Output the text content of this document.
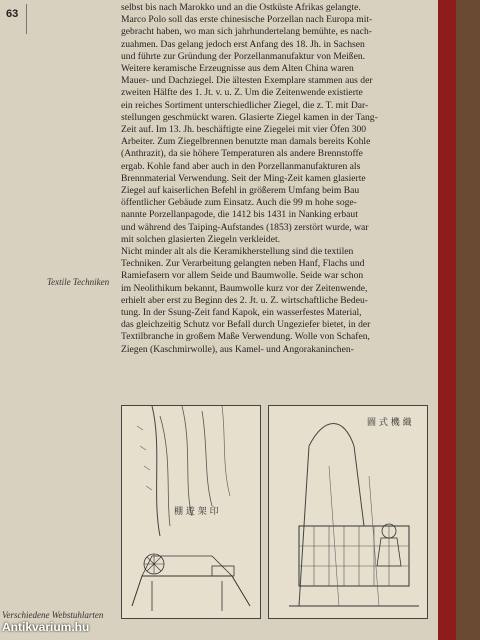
63
Textile Techniken
Verschiedene Webstuhlarten
selbst bis nach Marokko und an die Ostküste Afrikas gelangte.
Marco Polo soll das erste chinesische Porzellan nach Europa mit-
gebracht haben, wo man sich jahrhundertelang bemühte, es nach-
zuahmen. Das gelang jedoch erst Anfang des 18. Jh. in Sachsen
und führte zur Gründung der Porzellanmanufaktur von Meißen.
Weitere keramische Erzeugnisse aus dem Alten China waren
Mauer- und Dachziegel. Die ältesten Exemplare stammen aus der
zweiten Hälfte des 1. Jt. v. u. Z. Um die Zeitenwende existierte
ein reiches Sortiment unterschiedlicher Ziegel, die z. T. mit Dar-
stellungen geschmückt waren. Glasierte Ziegel kamen in der Tang-
Zeit auf. Im 13. Jh. beschäftigte eine Ziegelei mit vier Öfen 300
Arbeiter. Zum Ziegelbrennen benutzte man damals bereits Kohle
(Anthrazit), da sie höhere Temperaturen als andere Brennstoffe
ergab. Kohle fand aber auch in den Porzellanmanufakturen als
Brennmaterial Verwendung. Seit der Ming-Zeit kamen glasierte
Ziegel auf kaiserlichen Befehl in größerem Umfang beim Bau
öffentlicher Gebäude zum Einsatz. Auch die 99 m hohe soge-
nannte Porzellanpagode, die 1412 bis 1431 in Nanking erbaut
und während des Taiping-Aufstandes (1853) zerstört wurde, war
mit solchen glasierten Ziegeln verkleidet.
Nicht minder alt als die Keramikherstellung sind die textilen
Techniken. Zur Verarbeitung gelangten neben Hanf, Flachs und
Ramiefasern vor allem Seide und Baumwolle. Seide war schon
im Neolithikum bekannt, Baumwolle kurz vor der Zeitenwende,
erhielt aber erst zu Beginn des 2. Jt. u. Z. wirtschaftliche Bedeu-
tung. In der Ssung-Zeit fand Kapok, ein wasserfestes Material,
das gleichzeitig Schutz vor Befall durch Ungeziefer bietet, in der
Textilbranche in großem Maße Verwendung. Wolle von Schafen,
Ziegen (Kaschmirwolle), aus Kamel- und Angorakaninchen-
棚 遊 架 印
圖 式 機 織
Antikvarium.hu
